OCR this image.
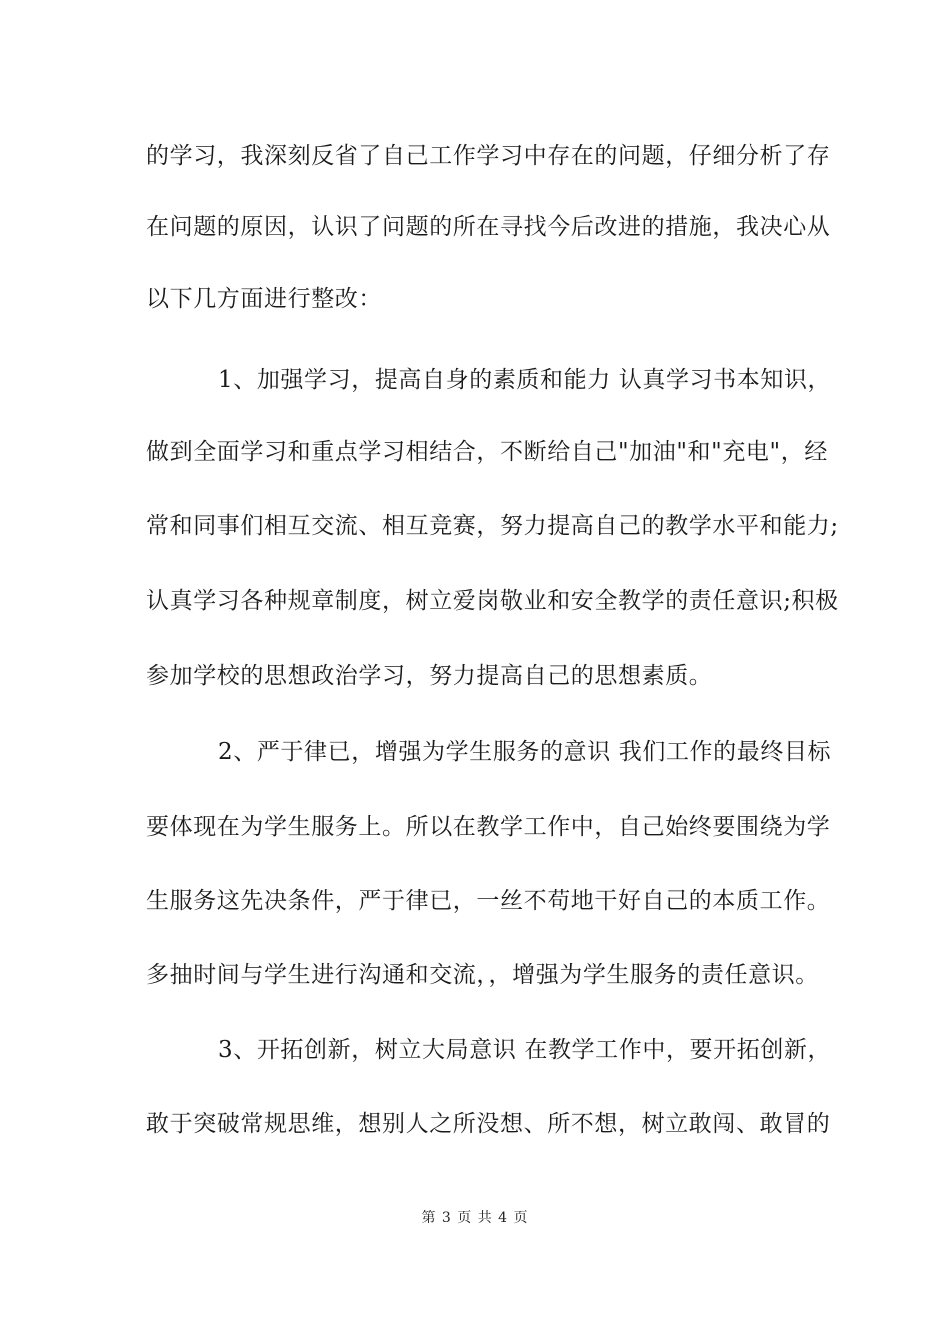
的学习，我深刻反省了自己工作学习中存在的问题，仔细分析了存
在问题的原因，认识了问题的所在寻找今后改进的措施，我决心从
以下几方面进行整改：
1、加强学习，提高自身的素质和能力 认真学习书本知识，
做到全面学习和重点学习相结合，不断给自己"加油"和"充电"，经
常和同事们相互交流、相互竞赛，努力提高自己的教学水平和能力;
认真学习各种规章制度，树立爱岗敬业和安全教学的责任意识;积极
参加学校的思想政治学习，努力提高自己的思想素质。
2、严于律已，增强为学生服务的意识 我们工作的最终目标
要体现在为学生服务上。所以在教学工作中，自己始终要围绕为学
生服务这先决条件，严于律已，一丝不苟地干好自己的本质工作。
多抽时间与学生进行沟通和交流，，增强为学生服务的责任意识。
3、开拓创新，树立大局意识 在教学工作中，要开拓创新，
敢于突破常规思维，想别人之所没想、所不想，树立敢闯、敢冒的
第 3 页 共 4 页
